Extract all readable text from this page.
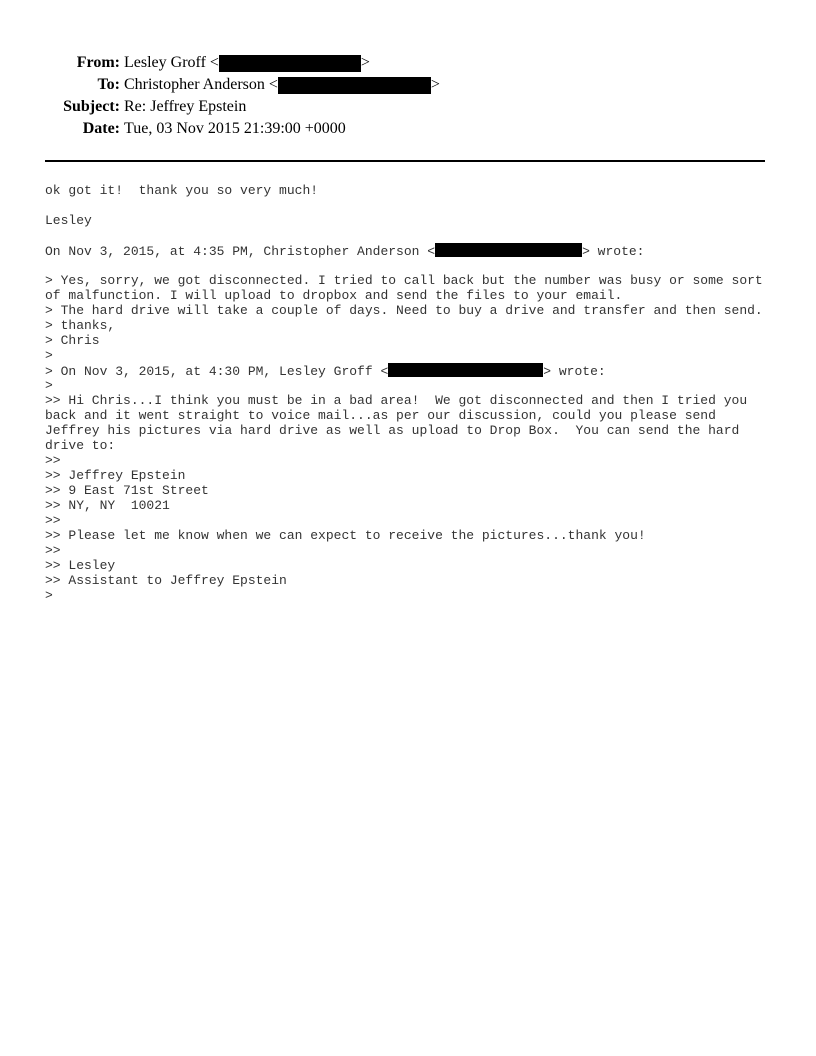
From: Lesley Groff <	>
To: Christopher Anderson <	>
Subject: Re: Jeffrey Epstein
Date: Tue, 03 Nov 2015 21:39:00 +0000
ok got it!  thank you so very much!
Lesley
On Nov 3, 2015, at 4:35 PM, Christopher Anderson <	> wrote:
> Yes, sorry, we got disconnected. I tried to call back but the number was busy or some sort of malfunction. I will upload to dropbox and send the files to your email.
> The hard drive will take a couple of days. Need to buy a drive and transfer and then send.
> thanks,
> Chris
>
> On Nov 3, 2015, at 4:30 PM, Lesley Groff <	> wrote:
>
>> Hi Chris...I think you must be in a bad area!  We got disconnected and then I tried you back and it went straight to voice mail...as per our discussion, could you please send Jeffrey his pictures via hard drive as well as upload to Drop Box.  You can send the hard drive to:
>>
>> Jeffrey Epstein
>> 9 East 71st Street
>> NY, NY  10021
>>
>> Please let me know when we can expect to receive the pictures...thank you!
>>
>> Lesley
>> Assistant to Jeffrey Epstein
>
